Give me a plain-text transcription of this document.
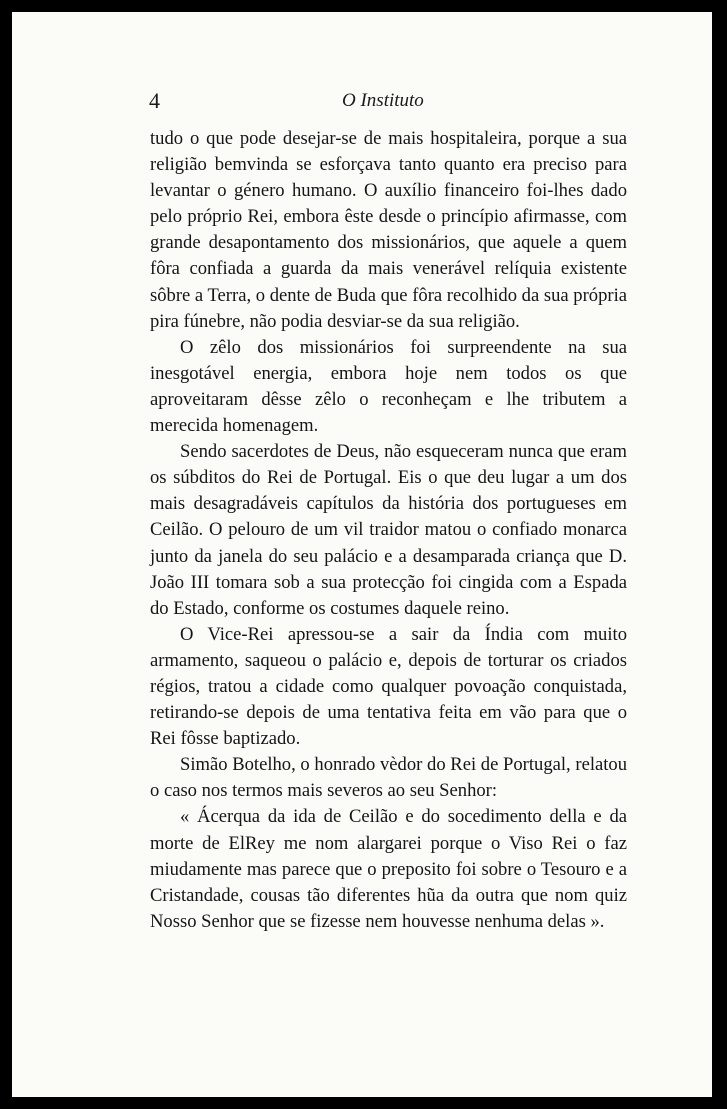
4	O Instituto

tudo o que pode desejar-se de mais hospitaleira, porque a sua religião bemvinda se esforçava tanto quanto era preciso para levantar o género humano. O auxílio financeiro foi-lhes dado pelo próprio Rei, embora êste desde o princípio afirmasse, com grande desapontamento dos missionários, que aquele a quem fôra confiada a guarda da mais venerável relíquia existente sôbre a Terra, o dente de Buda que fôra recolhido da sua própria pira fúnebre, não podia desviar-se da sua religião.

O zêlo dos missionários foi surpreendente na sua inesgotável energia, embora hoje nem todos os que aproveitaram dêsse zêlo o reconheçam e lhe tributem a merecida homenagem.

Sendo sacerdotes de Deus, não esqueceram nunca que eram os súbditos do Rei de Portugal. Eis o que deu lugar a um dos mais desagradáveis capítulos da história dos portugueses em Ceilão. O pelouro de um vil traidor matou o confiado monarca junto da janela do seu palácio e a desamparada criança que D. João III tomara sob a sua protecção foi cingida com a Espada do Estado, conforme os costumes daquele reino.

O Vice-Rei apressou-se a sair da Índia com muito armamento, saqueou o palácio e, depois de torturar os criados régios, tratou a cidade como qualquer povoação conquistada, retirando-se depois de uma tentativa feita em vão para que o Rei fôsse baptizado.

Simão Botelho, o honrado vèdor do Rei de Portugal, relatou o caso nos termos mais severos ao seu Senhor:

« Ácerqua da ida de Ceilão e do socedimento della e da morte de ElRey me nom alargarei porque o Viso Rei o faz miudamente mas parece que o preposito foi sobre o Tesouro e a Cristandade, cousas tão diferentes hũa da outra que nom quiz Nosso Senhor que se fizesse nem houvesse nenhuma delas ».
